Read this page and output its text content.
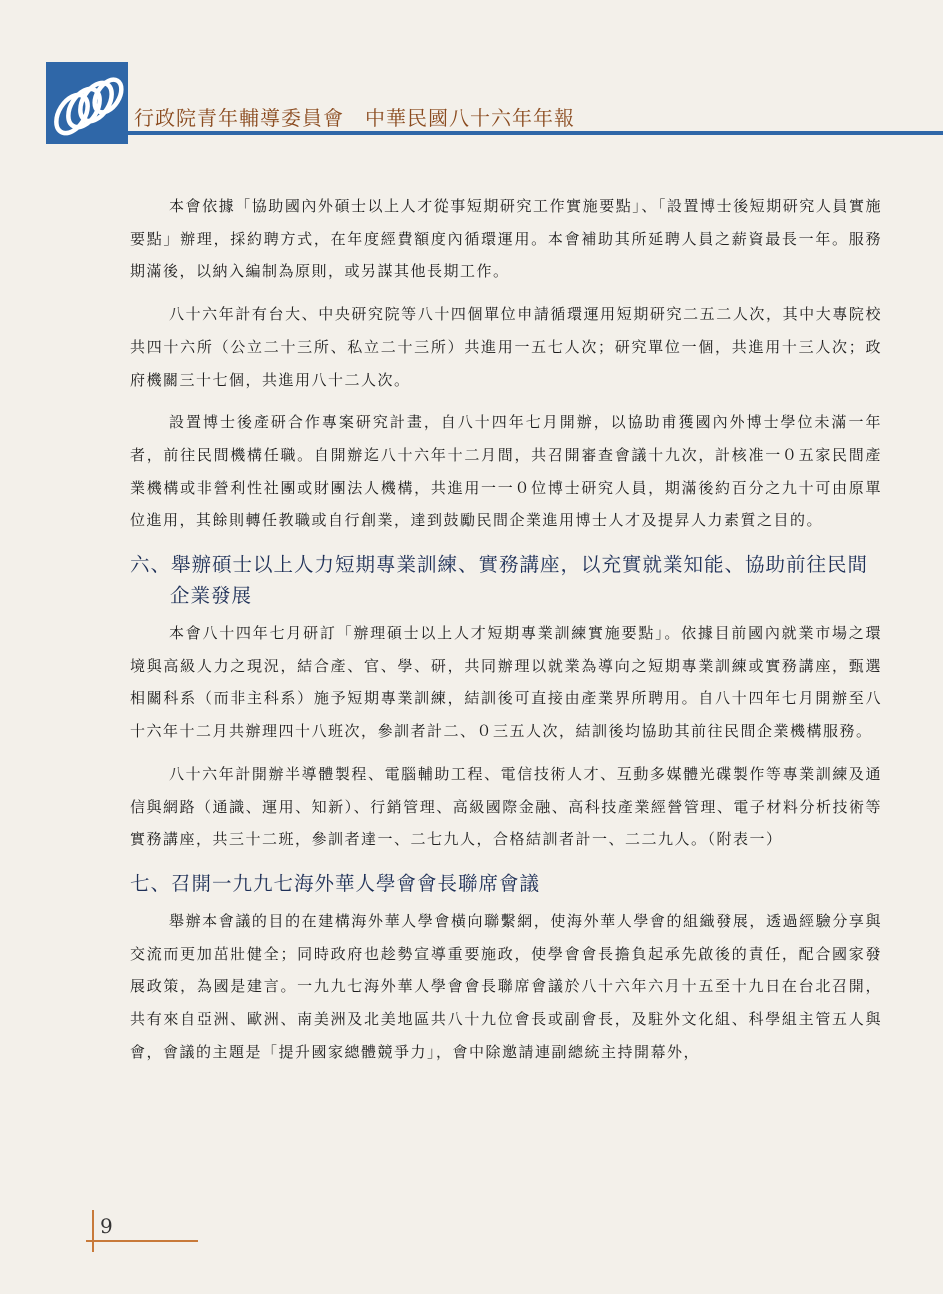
行政院青年輔導委員會　中華民國八十六年年報

本會依據「協助國內外碩士以上人才從事短期研究工作實施要點」、「設置博士後短期研究人員實施要點」辦理，採約聘方式，在年度經費額度內循環運用。本會補助其所延聘人員之薪資最長一年。服務期滿後，以納入編制為原則，或另謀其他長期工作。

八十六年計有台大、中央研究院等八十四個單位申請循環運用短期研究二五二人次，其中大專院校共四十六所（公立二十三所、私立二十三所）共進用一五七人次；研究單位一個，共進用十三人次；政府機關三十七個，共進用八十二人次。

設置博士後產研合作專案研究計畫，自八十四年七月開辦，以協助甫獲國內外博士學位未滿一年者，前往民間機構任職。自開辦迄八十六年十二月間，共召開審查會議十九次，計核准一０五家民間產業機構或非營利性社團或財團法人機構，共進用一一０位博士研究人員，期滿後約百分之九十可由原單位進用，其餘則轉任教職或自行創業，達到鼓勵民間企業進用博士人才及提昇人力素質之目的。

六、舉辦碩士以上人力短期專業訓練、實務講座，以充實就業知能、協助前往民間企業發展

本會八十四年七月研訂「辦理碩士以上人才短期專業訓練實施要點」。依據目前國內就業市場之環境與高級人力之現況，結合產、官、學、研，共同辦理以就業為導向之短期專業訓練或實務講座，甄選相關科系（而非主科系）施予短期專業訓練，結訓後可直接由產業界所聘用。自八十四年七月開辦至八十六年十二月共辦理四十八班次，參訓者計二、０三五人次，結訓後均協助其前往民間企業機構服務。

八十六年計開辦半導體製程、電腦輔助工程、電信技術人才、互動多媒體光碟製作等專業訓練及通信與網路（通識、運用、知新）、行銷管理、高級國際金融、高科技產業經營管理、電子材料分析技術等實務講座，共三十二班，參訓者達一、二七九人，合格結訓者計一、二二九人。（附表一）

七、召開一九九七海外華人學會會長聯席會議

舉辦本會議的目的在建構海外華人學會橫向聯繫網，使海外華人學會的組織發展，透過經驗分享與交流而更加茁壯健全；同時政府也趁勢宣導重要施政，使學會會長擔負起承先啟後的責任，配合國家發展政策，為國是建言。一九九七海外華人學會會長聯席會議於八十六年六月十五至十九日在台北召開，共有來自亞洲、歐洲、南美洲及北美地區共八十九位會長或副會長，及駐外文化組、科學組主管五人與會，會議的主題是「提升國家總體競爭力」，會中除邀請連副總統主持開幕外，

9
